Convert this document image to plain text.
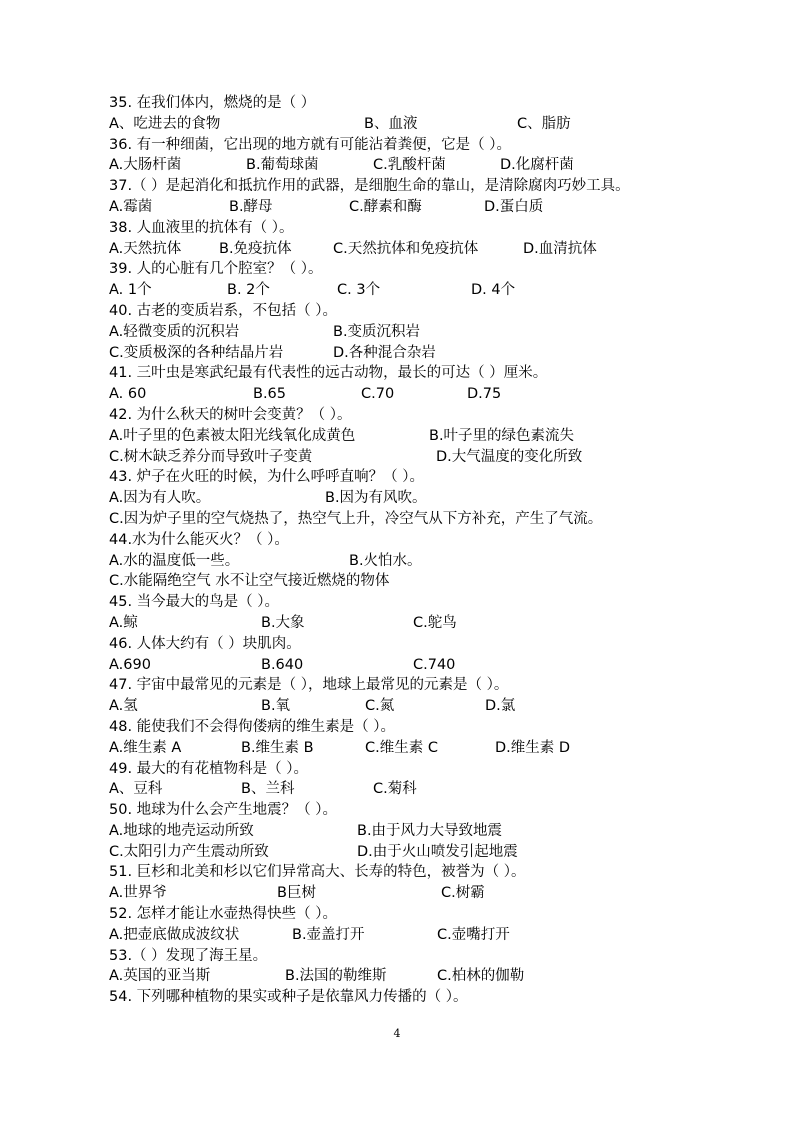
35. 在我们体内，燃烧的是（ ）
A、吃进去的食物	B、血液	C、脂肪
36. 有一种细菌，它出现的地方就有可能沾着粪便，它是（ ）。
A.大肠杆菌	B.葡萄球菌	C.乳酸杆菌	D.化腐杆菌
37.（ ）是起消化和抵抗作用的武器，是细胞生命的靠山，是清除腐肉巧妙工具。
A.霉菌	B.酵母	C.酵素和酶	D.蛋白质
38. 人血液里的抗体有（ ）。
A.天然抗体	B.免疫抗体	C.天然抗体和免疫抗体	D.血清抗体
39. 人的心脏有几个腔室？（ ）。
A. 1个	B. 2个	C. 3个	D. 4个
40. 古老的变质岩系，不包括（ ）。
A.轻微变质的沉积岩	B.变质沉积岩
C.变质极深的各种结晶片岩	D.各种混合杂岩
41. 三叶虫是寒武纪最有代表性的远古动物，最长的可达（ ）厘米。
A. 60	B.65	C.70	D.75
42. 为什么秋天的树叶会变黄？（ ）。
A.叶子里的色素被太阳光线氧化成黄色	B.叶子里的绿色素流失
C.树木缺乏养分而导致叶子变黄	D.大气温度的变化所致
43. 炉子在火旺的时候，为什么呼呼直响？（ ）。
A.因为有人吹。	B.因为有风吹。
C.因为炉子里的空气烧热了，热空气上升，冷空气从下方补充，产生了气流。
44.水为什么能灭火？（ ）。
A.水的温度低一些。	B.火怕水。
C.水能隔绝空气 水不让空气接近燃烧的物体
45. 当今最大的鸟是（ ）。
A.鲸	B.大象	C.鸵鸟
46. 人体大约有（ ）块肌肉。
A.690	B.640	C.740
47. 宇宙中最常见的元素是（ ），地球上最常见的元素是（ ）。
A.氢	B.氧	C.氮	D.氯
48. 能使我们不会得佝偻病的维生素是（ ）。
A.维生素 A	B.维生素 B	C.维生素 C	D.维生素 D
49. 最大的有花植物科是（ ）。
A、豆科	B、兰科	C.菊科
50. 地球为什么会产生地震？（ ）。
A.地球的地壳运动所致	B.由于风力大导致地震
C.太阳引力产生震动所致	D.由于火山喷发引起地震
51. 巨杉和北美和杉以它们异常高大、长寿的特色，被誉为（ ）。
A.世界爷	B巨树	C.树霸
52. 怎样才能让水壶热得快些（ ）。
A.把壶底做成波纹状	B.壶盖打开	C.壶嘴打开
53.（ ）发现了海王星。
A.英国的亚当斯	B.法国的勒维斯	C.柏林的伽勒
54. 下列哪种植物的果实或种子是依靠风力传播的（ ）。
4
